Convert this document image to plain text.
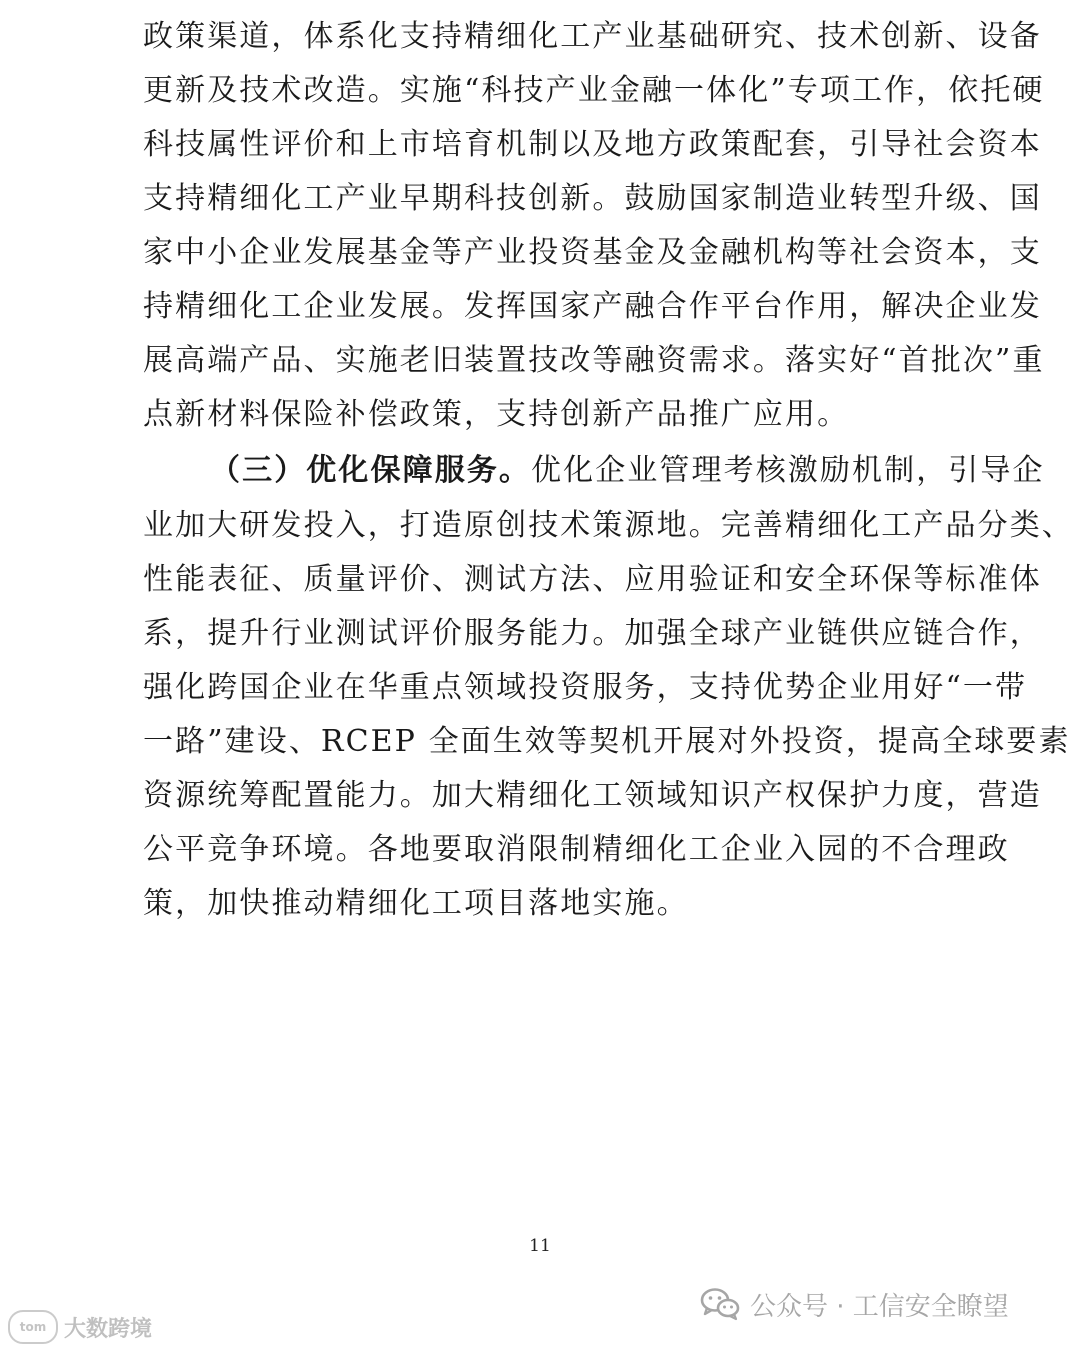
政策渠道，体系化支持精细化工产业基础研究、技术创新、设备
更新及技术改造。实施“科技产业金融一体化”专项工作，依托硬
科技属性评价和上市培育机制以及地方政策配套，引导社会资本
支持精细化工产业早期科技创新。鼓励国家制造业转型升级、国
家中小企业发展基金等产业投资基金及金融机构等社会资本，支
持精细化工企业发展。发挥国家产融合作平台作用，解决企业发
展高端产品、实施老旧装置技改等融资需求。落实好“首批次”重
点新材料保险补偿政策，支持创新产品推广应用。
（三）优化保障服务。优化企业管理考核激励机制，引导企
业加大研发投入，打造原创技术策源地。完善精细化工产品分类、
性能表征、质量评价、测试方法、应用验证和安全环保等标准体
系，提升行业测试评价服务能力。加强全球产业链供应链合作，
强化跨国企业在华重点领域投资服务，支持优势企业用好“一带
一路”建设、RCEP 全面生效等契机开展对外投资，提高全球要素
资源统筹配置能力。加大精细化工领域知识产权保护力度，营造
公平竞争环境。各地要取消限制精细化工企业入园的不合理政
策，加快推动精细化工项目落地实施。
11
公众号 · 工信安全瞭望
tom 大数跨境
